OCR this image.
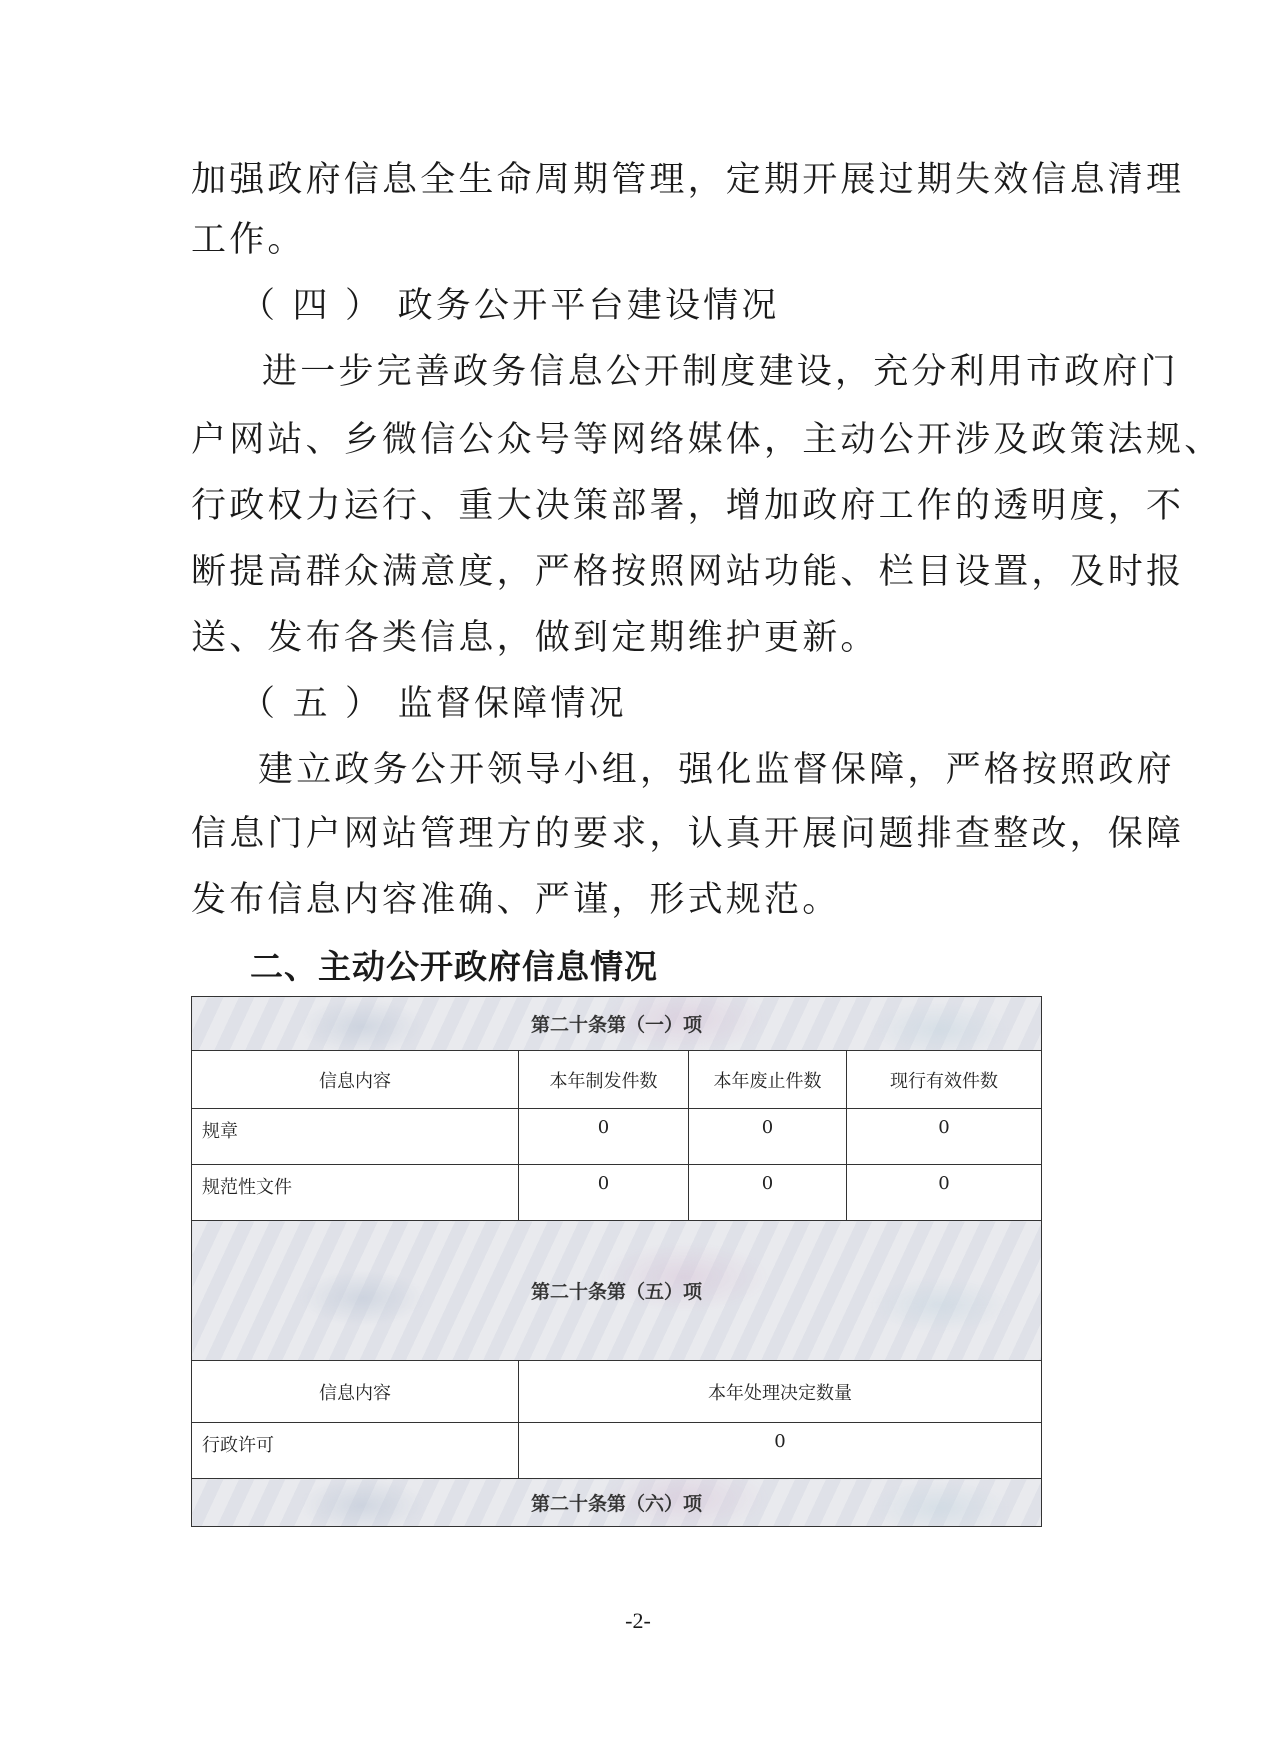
加强政府信息全生命周期管理，定期开展过期失效信息清理
工作。
（ 四 ） 政务公开平台建设情况
进一步完善政务信息公开制度建设，充分利用市政府门
户网站、乡微信公众号等网络媒体，主动公开涉及政策法规、
行政权力运行、重大决策部署，增加政府工作的透明度，不
断提高群众满意度，严格按照网站功能、栏目设置，及时报
送、发布各类信息，做到定期维护更新。
（ 五 ） 监督保障情况
建立政务公开领导小组，强化监督保障，严格按照政府
信息门户网站管理方的要求，认真开展问题排查整改，保障
发布信息内容准确、严谨，形式规范。
二、主动公开政府信息情况
第二十条第（一）项			
信息内容	本年制发件数	本年废止件数	现行有效件数
规章	0	0	0
规范性文件	0	0	0
第二十条第（五）项			
信息内容	本年处理决定数量		
行政许可	0		
第二十条第（六）项			
-2-
